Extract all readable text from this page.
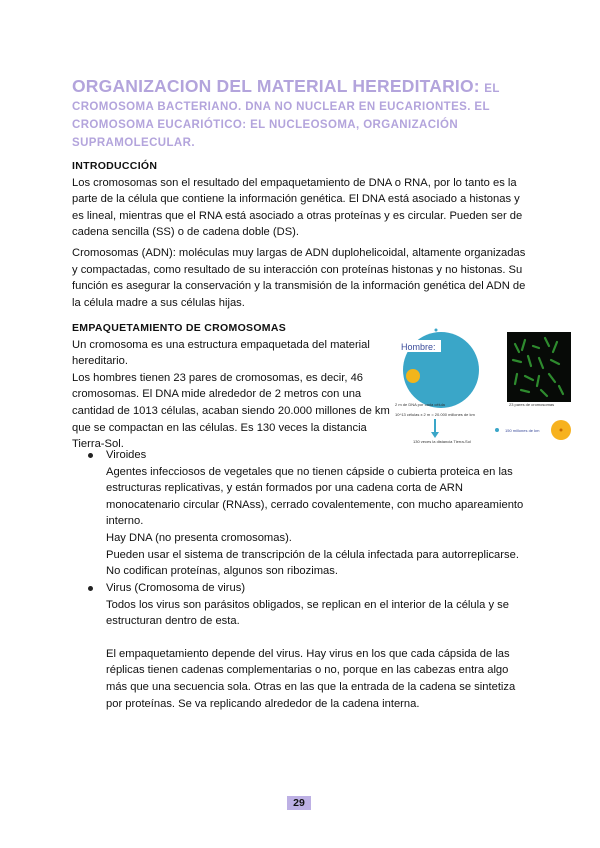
ORGANIZACION DEL MATERIAL HEREDITARIO: EL
CROMOSOMA BACTERIANO. DNA NO NUCLEAR EN EUCARIONTES. EL
CROMOSOMA EUCARIÓTICO: EL NUCLEOSOMA, ORGANIZACIÓN
SUPRAMOLECULAR.
INTRODUCCIÓN

Los cromosomas son el resultado del empaquetamiento de DNA o RNA, por lo tanto es la
parte de la célula que contiene la información genética. El DNA está asociado a histonas y
es lineal, mientras que el RNA está asociado a otras proteínas y es circular. Pueden ser de
cadena sencilla (SS) o de cadena doble (DS).

Cromosomas (ADN): moléculas muy largas de ADN duplohelicoidal, altamente organizadas
y compactadas, como resultado de su interacción con proteínas histonas y no histonas. Su
función es asegurar la conservación y la transmisión de la información genética del ADN de
la célula madre a sus células hijas.

EMPAQUETAMIENTO DE CROMOSOMAS

Un cromosoma es una estructura empaquetada del material
hereditario.
Los hombres tienen 23 pares de cromosomas, es decir, 46
cromosomas. El DNA mide alrededor de 2 metros con una
cantidad de 1013 células, acaban siendo 20.000 millones de km
que se compactan en las células. Es 130 veces la distancia
Tierra-Sol.

Hombre:
23 pares de cromosomas
2 m de DNA por cada célula
10^13 células x 2 m = 20.000 millones de km
130 veces la distancia Tierra-Sol
150 millones de km
Viroides
Agentes infecciosos de vegetales que no tienen cápside o cubierta proteica en las
estructuras replicativas, y están formados por una cadena corta de ARN
monocatenario circular (RNAss), cerrado covalentemente, con mucho apareamiento
interno.
Hay DNA (no presenta cromosomas).
Pueden usar el sistema de transcripción de la célula infectada para autorreplicarse.
No codifican proteínas, algunos son ribozimas.
Virus (Cromosoma de virus)
Todos los virus son parásitos obligados, se replican en el interior de la célula y se
estructuran dentro de esta.
El empaquetamiento depende del virus. Hay virus en los que cada cápsida de las
réplicas tienen cadenas complementarias o no, porque en las cabezas entra algo
más que una secuencia sola. Otras en las que la entrada de la cadena se sintetiza
por proteínas. Se va replicando alrededor de la cadena interna.
29
